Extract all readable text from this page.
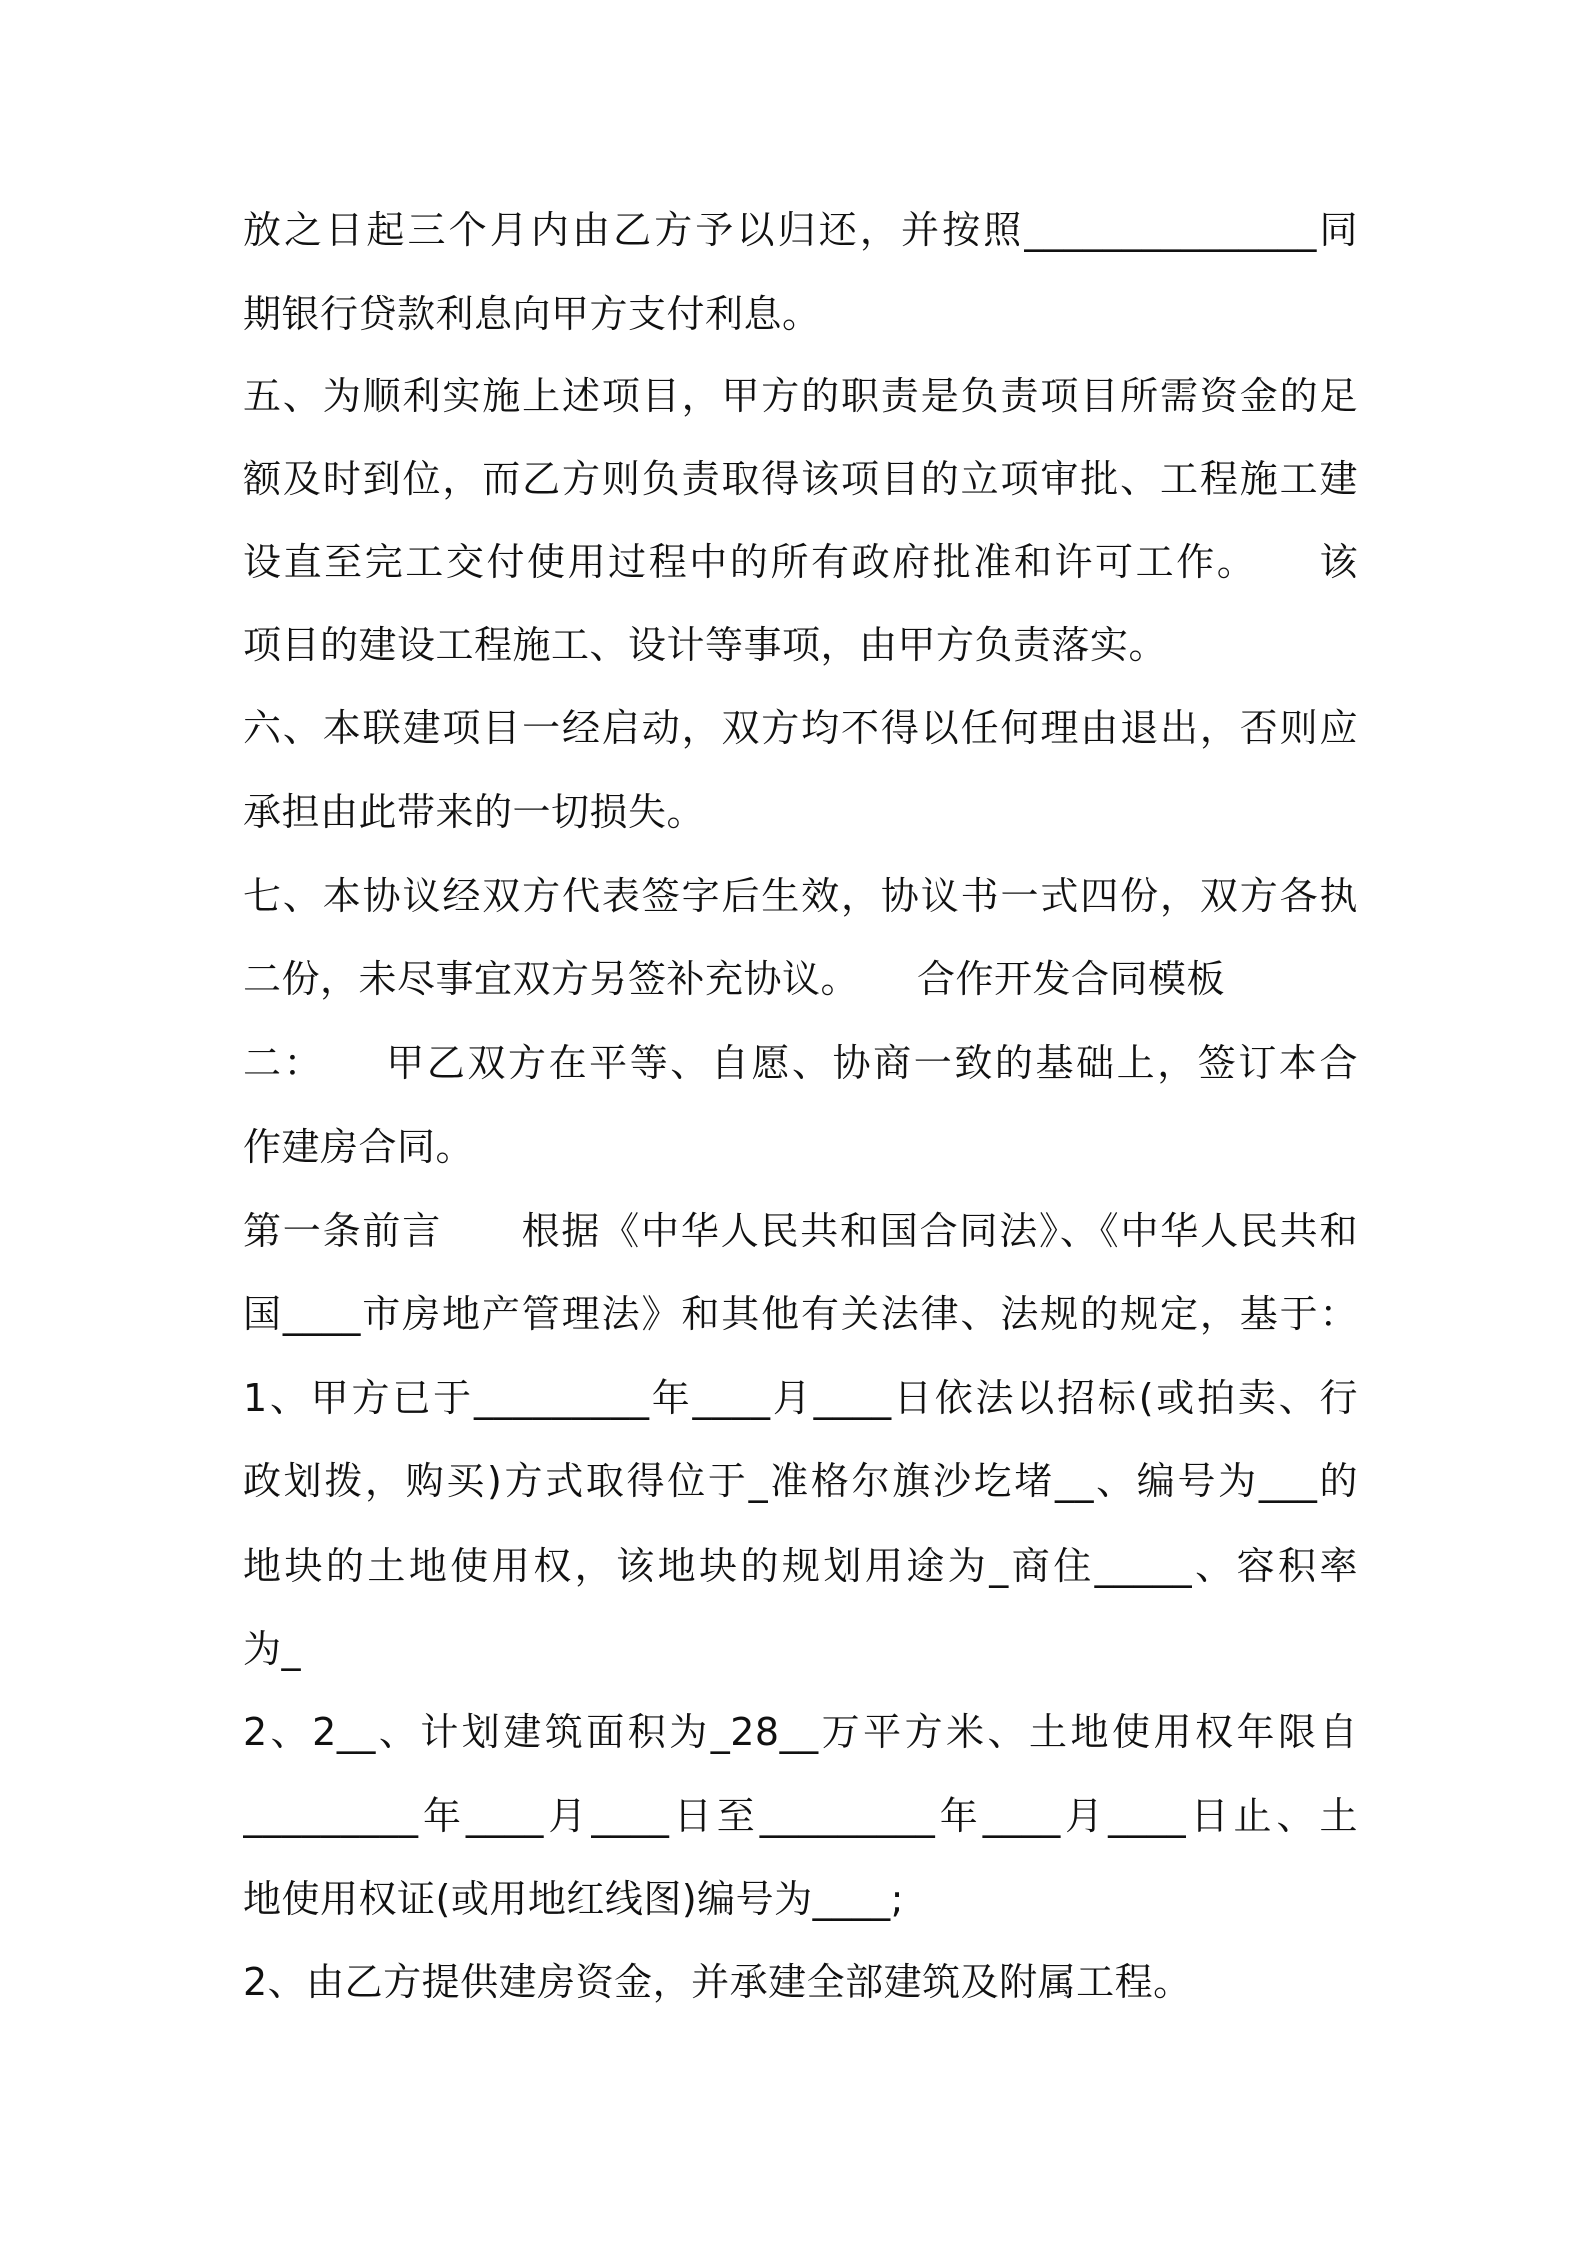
放之日起三个月内由乙方予以归还，并按照_______________同
期银行贷款利息向甲方支付利息。
五、为顺利实施上述项目，甲方的职责是负责项目所需资金的足
额及时到位，而乙方则负责取得该项目的立项审批、工程施工建
设直至完工交付使用过程中的所有政府批准和许可工作。　　该
项目的建设工程施工、设计等事项，由甲方负责落实。
六、本联建项目一经启动，双方均不得以任何理由退出，否则应
承担由此带来的一切损失。
七、本协议经双方代表签字后生效，协议书一式四份，双方各执
二份，未尽事宜双方另签补充协议。　　合作开发合同模板
二：　　甲乙双方在平等、自愿、协商一致的基础上，签订本合
作建房合同。
第一条前言　　根据《中华人民共和国合同法》、《中华人民共和
国____市房地产管理法》和其他有关法律、法规的规定，基于：
1、甲方已于_________年____月____日依法以招标(或拍卖、行
政划拨，购买)方式取得位于_准格尔旗沙圪堵__、编号为___的
地块的土地使用权，该地块的规划用途为_商住_____、容积率
为_
2、2__、计划建筑面积为_28__万平方米、土地使用权年限自
_________年____月____日至_________年____月____日止、土
地使用权证(或用地红线图)编号为____;
2、由乙方提供建房资金，并承建全部建筑及附属工程。
